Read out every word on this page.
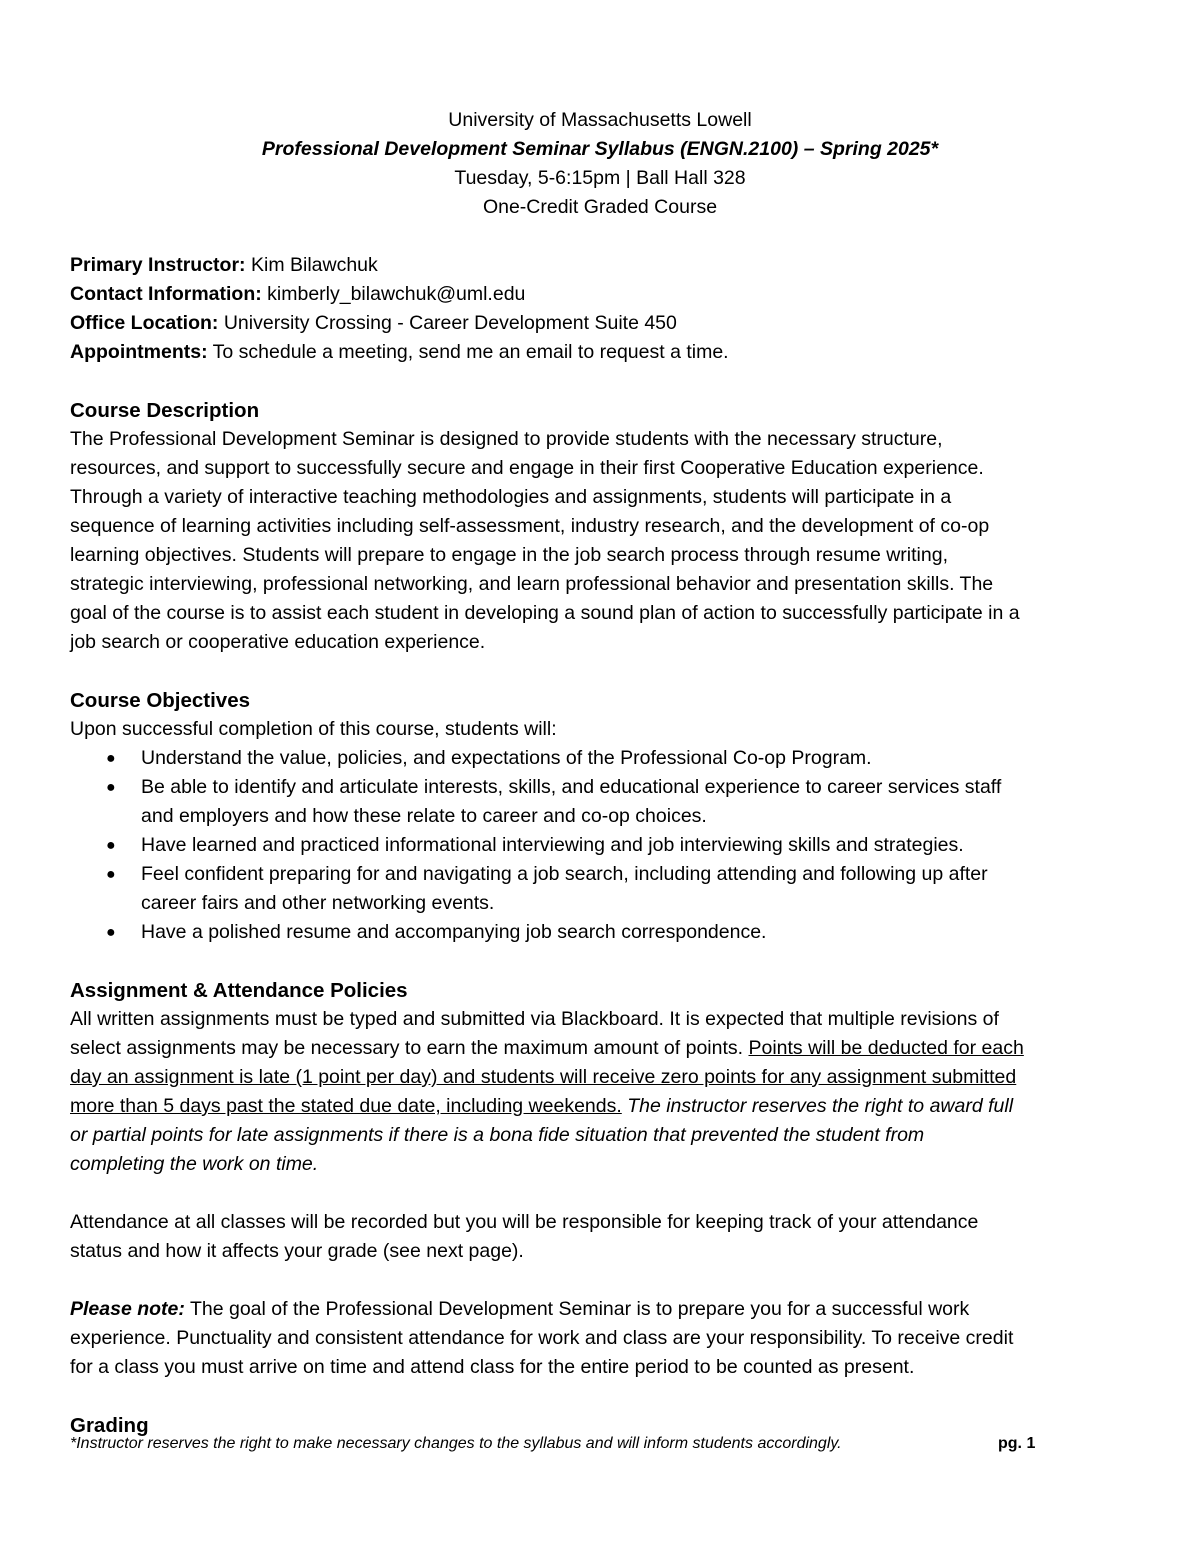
University of Massachusetts Lowell
Professional Development Seminar Syllabus (ENGN.2100) – Spring 2025*
Tuesday, 5-6:15pm | Ball Hall 328
One-Credit Graded Course
Primary Instructor: Kim Bilawchuk
Contact Information: kimberly_bilawchuk@uml.edu
Office Location: University Crossing - Career Development Suite 450
Appointments: To schedule a meeting, send me an email to request a time.
Course Description
The Professional Development Seminar is designed to provide students with the necessary structure,
resources, and support to successfully secure and engage in their first Cooperative Education experience.
Through a variety of interactive teaching methodologies and assignments, students will participate in a
sequence of learning activities including self-assessment, industry research, and the development of co-op
learning objectives. Students will prepare to engage in the job search process through resume writing,
strategic interviewing, professional networking, and learn professional behavior and presentation skills. The
goal of the course is to assist each student in developing a sound plan of action to successfully participate in a
job search or cooperative education experience.
Course Objectives
Upon successful completion of this course, students will:
● Understand the value, policies, and expectations of the Professional Co-op Program.
● Be able to identify and articulate interests, skills, and educational experience to career services staff
and employers and how these relate to career and co-op choices.
● Have learned and practiced informational interviewing and job interviewing skills and strategies.
● Feel confident preparing for and navigating a job search, including attending and following up after
career fairs and other networking events.
● Have a polished resume and accompanying job search correspondence.
Assignment & Attendance Policies
All written assignments must be typed and submitted via Blackboard. It is expected that multiple revisions of
select assignments may be necessary to earn the maximum amount of points. Points will be deducted for each
day an assignment is late (1 point per day) and students will receive zero points for any assignment submitted
more than 5 days past the stated due date, including weekends. The instructor reserves the right to award full
or partial points for late assignments if there is a bona fide situation that prevented the student from
completing the work on time.
Attendance at all classes will be recorded but you will be responsible for keeping track of your attendance
status and how it affects your grade (see next page).
Please note: The goal of the Professional Development Seminar is to prepare you for a successful work
experience. Punctuality and consistent attendance for work and class are your responsibility. To receive credit
for a class you must arrive on time and attend class for the entire period to be counted as present.
Grading
*Instructor reserves the right to make necessary changes to the syllabus and will inform students accordingly.	pg. 1
